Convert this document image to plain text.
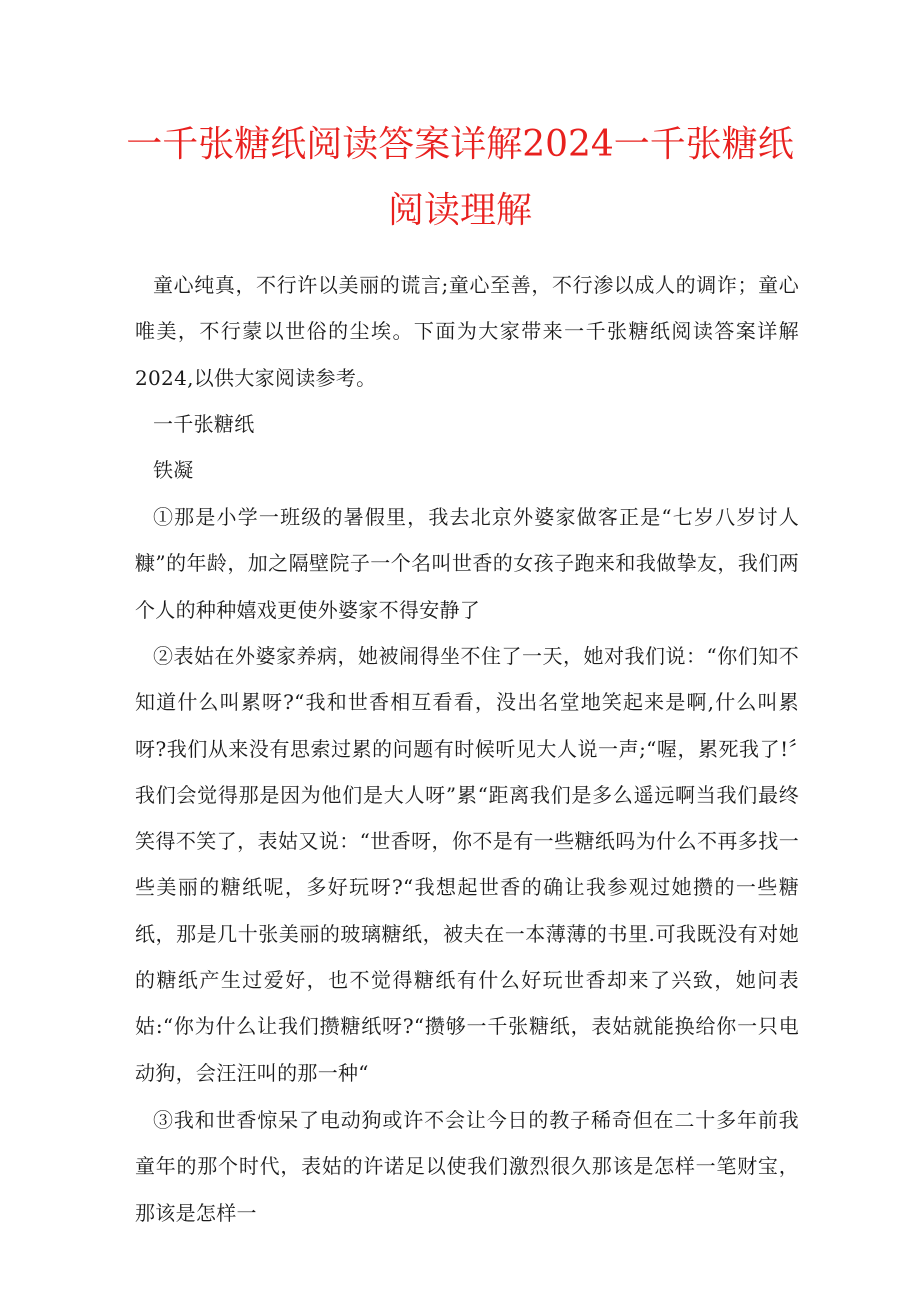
一千张糖纸阅读答案详解2024一千张糖纸
阅读理解

童心纯真，不行许以美丽的谎言;童心至善，不行渗以成人的调诈；童心唯美，不行蒙以世俗的尘埃。下面为大家带来一千张糖纸阅读答案详解2024,以供大家阅读参考。

一千张糖纸

铁凝

①那是小学一班级的暑假里，我去北京外婆家做客正是“七岁八岁讨人糠”的年龄，加之隔壁院子一个名叫世香的女孩子跑来和我做挚友，我们两个人的种种嬉戏更使外婆家不得安静了

②表姑在外婆家养病，她被闹得坐不住了一天，她对我们说：“你们知不知道什么叫累呀?“我和世香相互看看，没出名堂地笑起来是啊,什么叫累呀?我们从来没有思索过累的问题有时候听见大人说一声;“喔，累死我了!〞我们会觉得那是因为他们是大人呀”累“距离我们是多么遥远啊当我们最终笑得不笑了，表姑又说：“世香呀，你不是有一些糖纸吗为什么不再多找一些美丽的糖纸呢，多好玩呀?“我想起世香的确让我参观过她攒的一些糖纸，那是几十张美丽的玻璃糖纸，被夫在一本薄薄的书里.可我既没有对她的糖纸产生过爱好，也不觉得糖纸有什么好玩世香却来了兴致，她问表姑:“你为什么让我们攒糖纸呀?“攒够一千张糖纸，表姑就能换给你一只电动狗，会汪汪叫的那一种“

③我和世香惊呆了电动狗或许不会让今日的教子稀奇但在二十多年前我童年的那个时代，表姑的许诺足以使我们激烈很久那该是怎样一笔财宝，那该是怎样一
